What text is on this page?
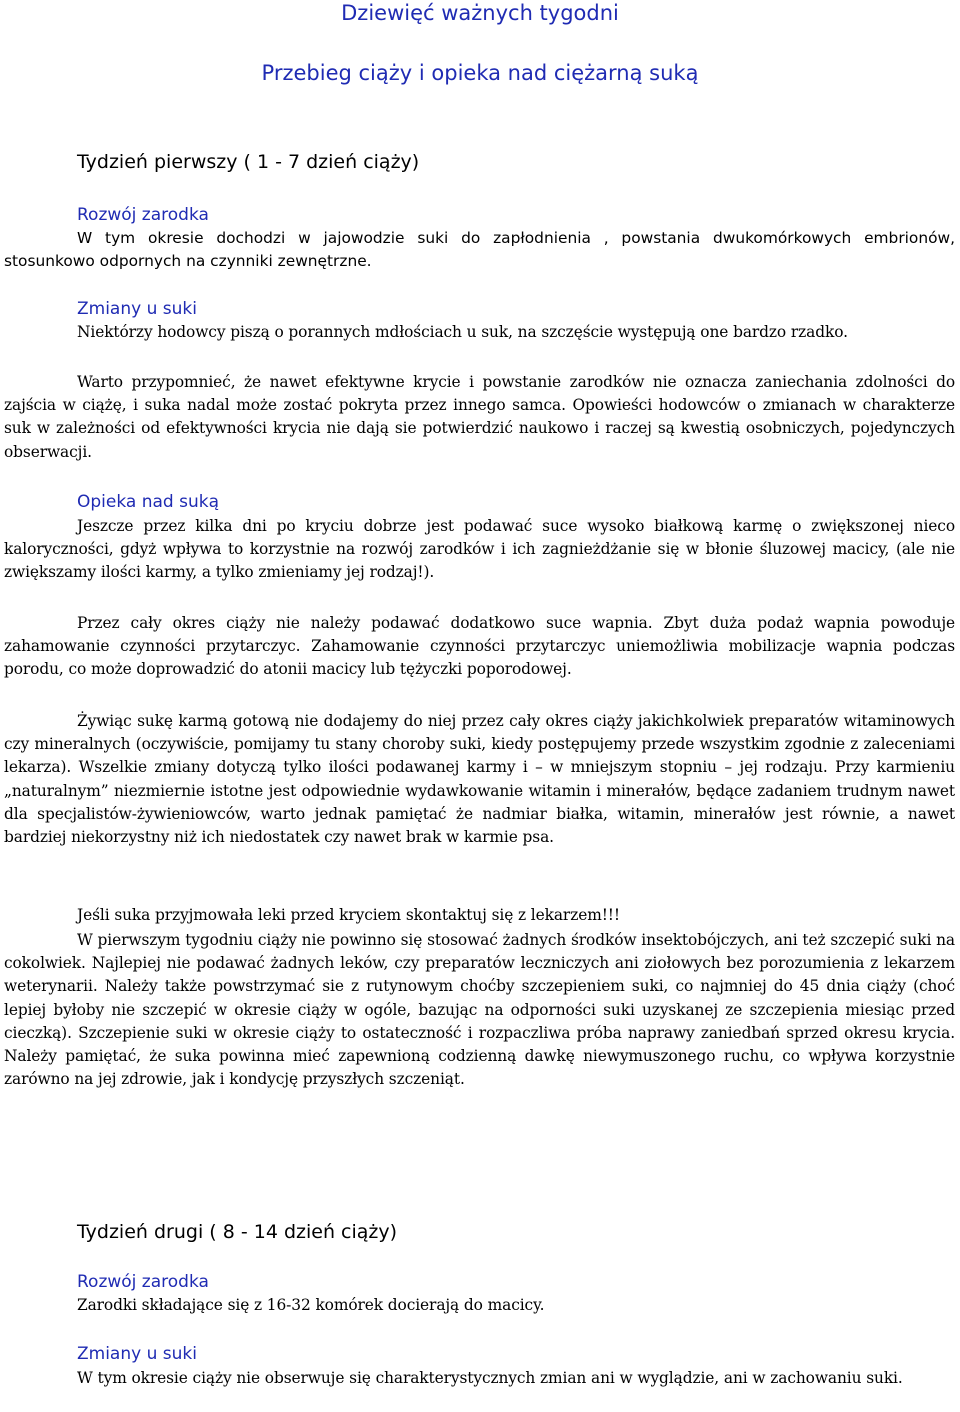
Dziewięć ważnych tygodni
Przebieg ciąży i opieka nad ciężarną suką
Tydzień pierwszy ( 1 - 7 dzień ciąży)
Rozwój zarodka

W tym okresie dochodzi w jajowodzie suki do zapłodnienia , powstania dwukomórkowych embrionów, stosunkowo odpornych na czynniki zewnętrzne.

Zmiany u suki

Niektórzy hodowcy piszą o porannych mdłościach u suk, na szczęście występują one bardzo rzadko.

Warto przypomnieć, że nawet efektywne krycie i powstanie zarodków nie oznacza zaniechania zdolności do zajścia w ciążę, i suka nadal może zostać pokryta przez innego samca. Opowieści hodowców o zmianach w charakterze suk w zależności od efektywności krycia nie dają sie potwierdzić naukowo i raczej są kwestią osobniczych, pojedynczych obserwacji.

Opieka nad suką

Jeszcze przez kilka dni po kryciu dobrze jest podawać suce wysoko białkową karmę o zwiększonej nieco kaloryczności, gdyż wpływa to korzystnie na rozwój zarodków i ich zagnieżdżanie się w błonie śluzowej macicy, (ale nie zwiększamy ilości karmy, a tylko zmieniamy jej rodzaj!).

Przez cały okres ciąży nie należy podawać dodatkowo suce wapnia. Zbyt duża podaż wapnia powoduje zahamowanie czynności przytarczyc. Zahamowanie czynności przytarczyc uniemożliwia mobilizacje wapnia podczas porodu, co może doprowadzić do atonii macicy lub tężyczki poporodowej.

Żywiąc sukę karmą gotową nie dodajemy do niej przez cały okres ciąży jakichkolwiek preparatów witaminowych czy mineralnych (oczywiście, pomijamy tu stany choroby suki, kiedy postępujemy przede wszystkim zgodnie z zaleceniami lekarza). Wszelkie zmiany dotyczą tylko ilości podawanej karmy i – w mniejszym stopniu – jej rodzaju. Przy karmieniu „naturalnym” niezmiernie istotne jest odpowiednie wydawkowanie witamin i minerałów, będące zadaniem trudnym nawet dla specjalistów-żywieniowców, warto jednak pamiętać że nadmiar białka, witamin, minerałów jest równie, a nawet bardziej niekorzystny niż ich niedostatek czy nawet brak w karmie psa.

Jeśli suka przyjmowała leki przed kryciem skontaktuj się z lekarzem!!!

W pierwszym tygodniu ciąży nie powinno się stosować żadnych środków insektobójczych, ani też szczepić suki na cokolwiek. Najlepiej nie podawać żadnych leków, czy preparatów leczniczych ani ziołowych bez porozumienia z lekarzem weterynarii. Należy także powstrzymać sie z rutynowym choćby szczepieniem suki, co najmniej do 45 dnia ciąży (choć lepiej byłoby nie szczepić w okresie ciąży w ogóle, bazując na odporności suki uzyskanej ze szczepienia miesiąc przed cieczką). Szczepienie suki w okresie ciąży to ostateczność i rozpaczliwa próba naprawy zaniedbań sprzed okresu krycia. Należy pamiętać, że suka powinna mieć zapewnioną codzienną dawkę niewymuszonego ruchu, co wpływa korzystnie zarówno na jej zdrowie, jak i kondycję przyszłych szczeniąt.

Tydzień drugi ( 8 - 14 dzień ciąży)
Rozwój zarodka

Zarodki składające się z 16-32 komórek docierają do macicy.

Zmiany u suki

W tym okresie ciąży nie obserwuje się charakterystycznych zmian ani w wyglądzie, ani w zachowaniu suki.
